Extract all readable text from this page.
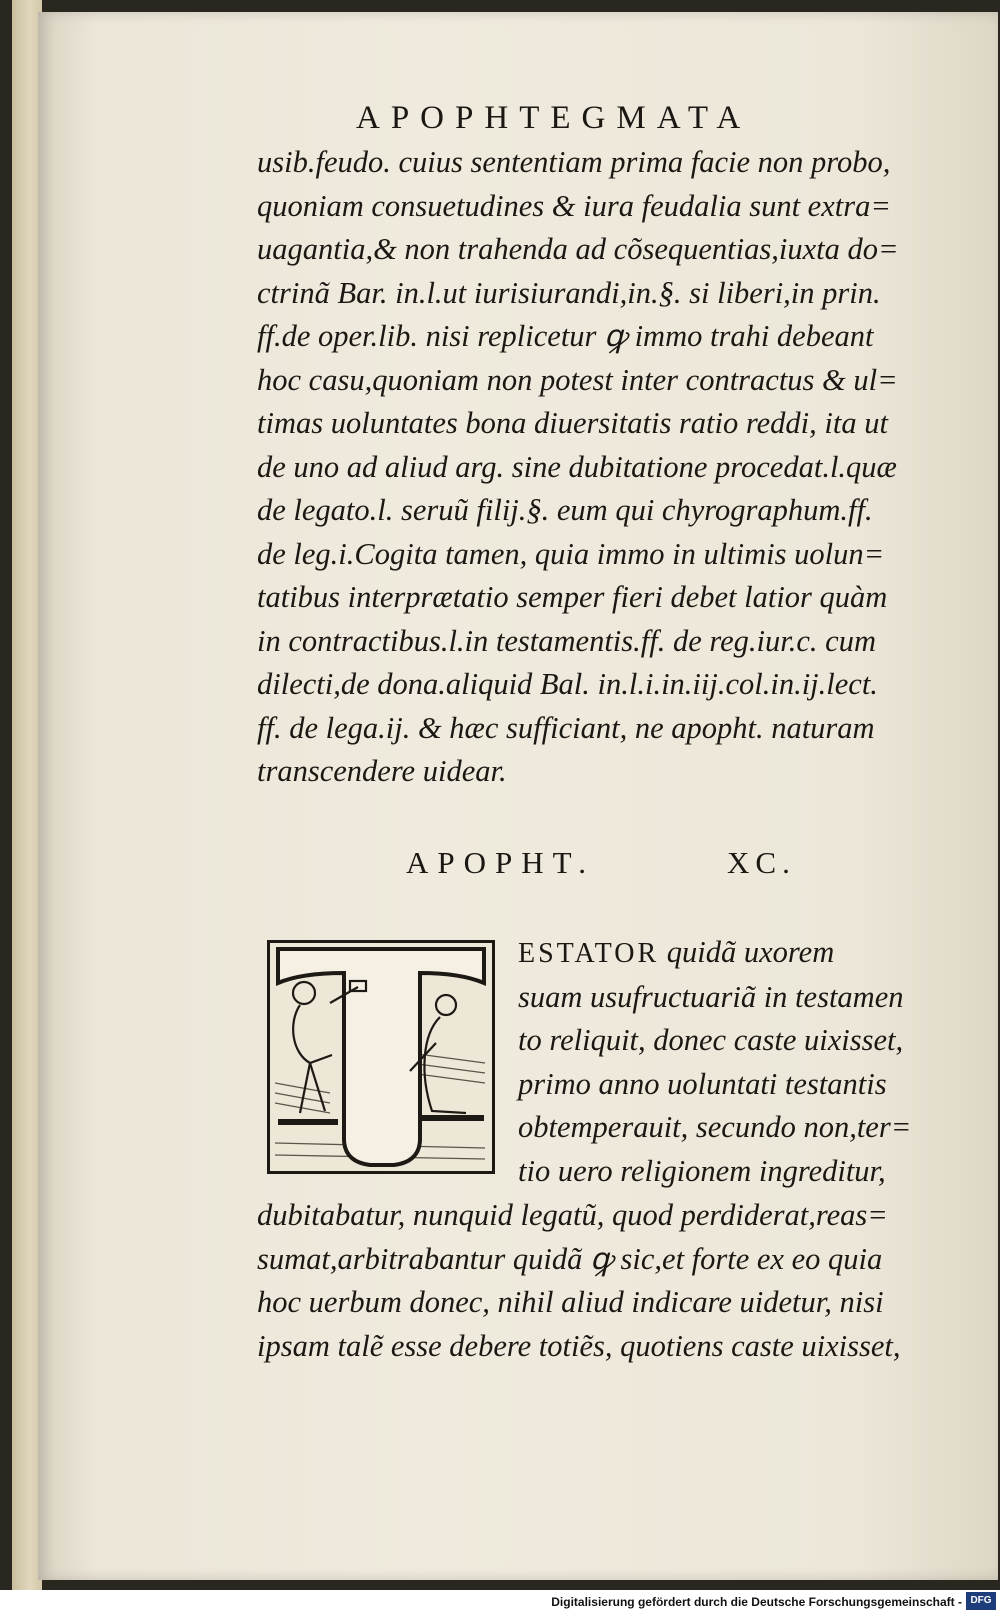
APOPHTEGMATA
usib.feudo. cuius sententiam prima facie non probo,
quoniam consuetudines & iura feudalia sunt extra=
uagantia,& non trahenda ad cõsequentias,iuxta do=
ctrinã Bar. in.l.ut iurisiurandi,in.§. si liberi,in prin.
ff.de oper.lib. nisi replicetur ꝙ immo trahi debeant
hoc casu,quoniam non potest inter contractus & ul=
timas uoluntates bona diuersitatis ratio reddi, ita ut
de uno ad aliud arg. sine dubitatione procedat.l.quæ
de legato.l. seruũ filij.§. eum qui chyrographum.ff.
de leg.i.Cogita tamen, quia immo in ultimis uolun=
tatibus interprætatio semper fieri debet latior quàm
in contractibus.l.in testamentis.ff. de reg.iur.c. cum
dilecti,de dona.aliquid Bal. in.l.i.in.iij.col.in.ij.lect.
ff. de lega.ij. & hæc sufficiant, ne apopht. naturam
transcendere uidear.
APOPHT.	XC.
ESTATOR quidã uxorem
suam usufructuariã in testamen
to reliquit, donec caste uixisset,
primo anno uoluntati testantis
obtemperauit, secundo non,ter=
tio uero religionem ingreditur,
dubitabatur, nunquid legatũ, quod perdiderat,reas=
sumat,arbitrabantur quidã ꝙ sic,et forte ex eo quia
hoc uerbum donec, nihil aliud indicare uidetur, nisi
ipsam talẽ esse debere totiẽs, quotiens caste uixisset,
Digitalisierung gefördert durch die Deutsche Forschungsgemeinschaft - DFG
